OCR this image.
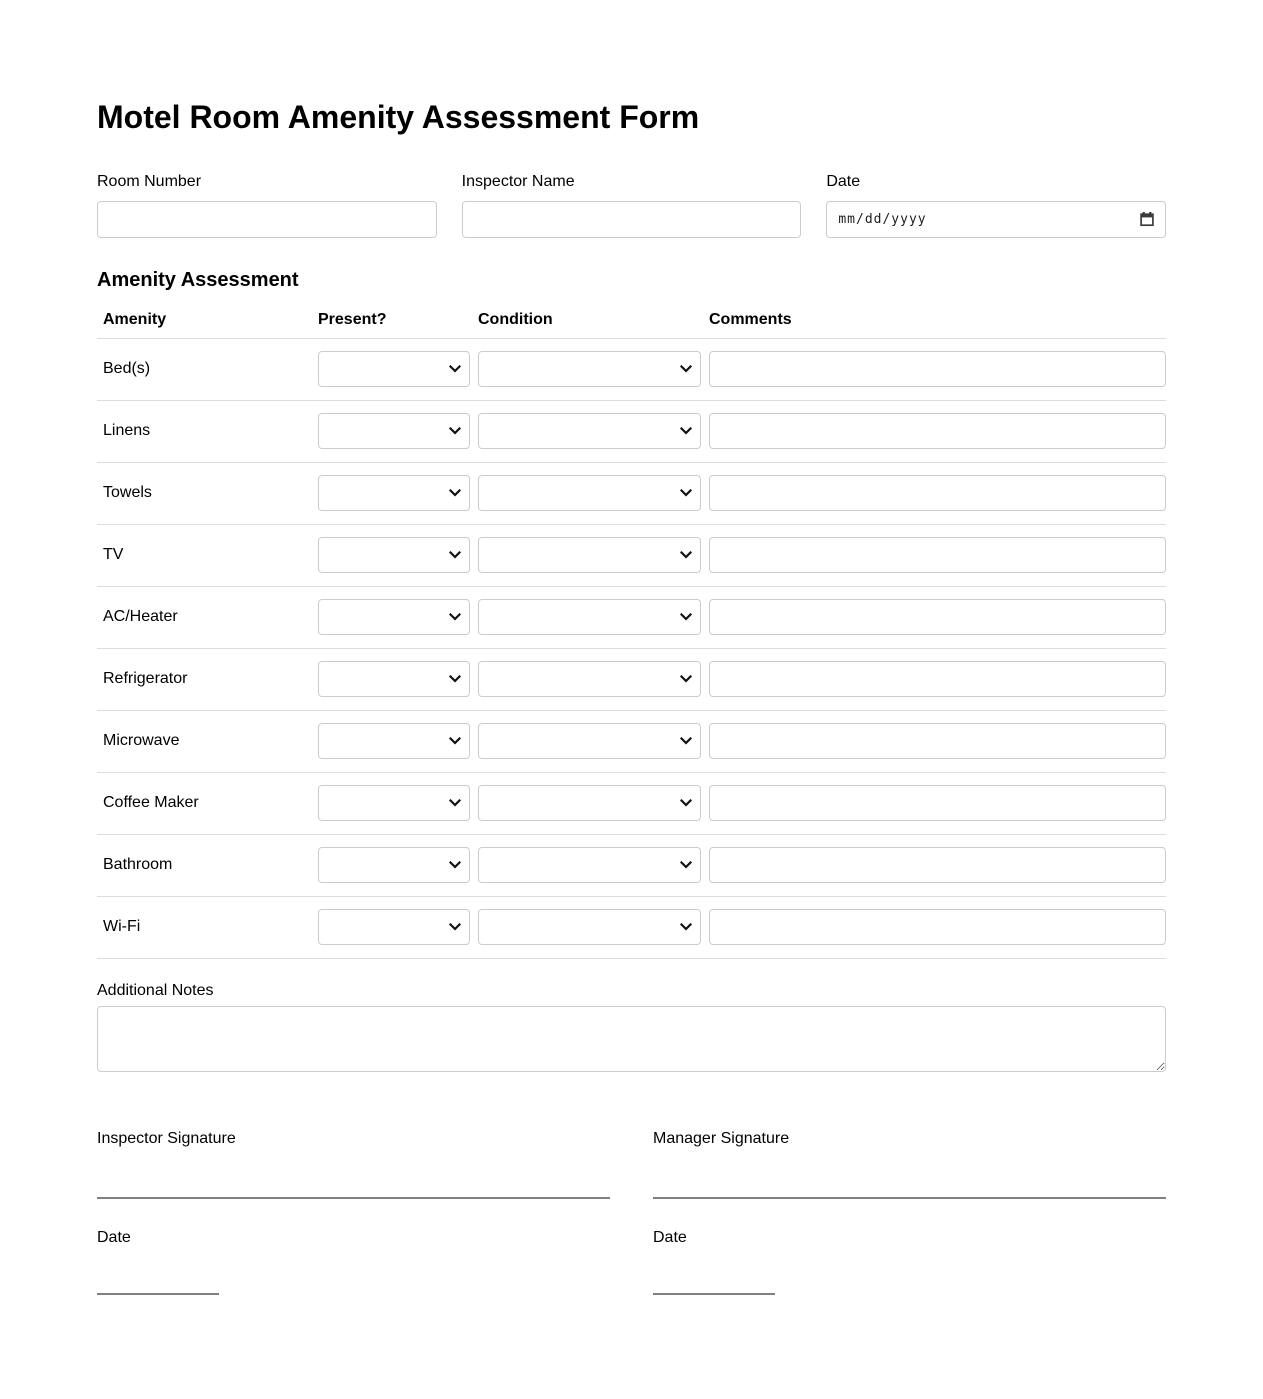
Motel Room Amenity Assessment Form
Room Number	Inspector Name	Date
mm/dd/yyyy
Amenity Assessment
Amenity	Present?	Condition	Comments
Bed(s)
Linens
Towels
TV
AC/Heater
Refrigerator
Microwave
Coffee Maker
Bathroom
Wi-Fi
Additional Notes
Inspector Signature
Date
Manager Signature
Date
